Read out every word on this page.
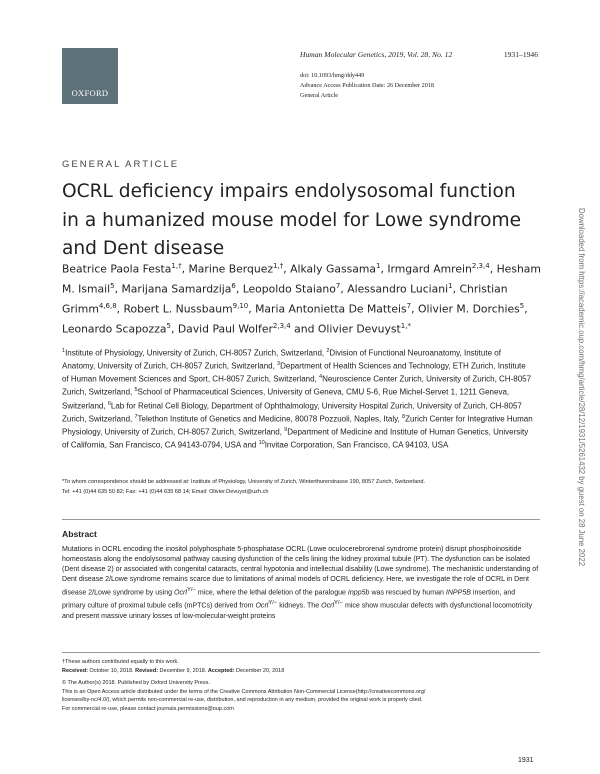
OXFORD
Human Molecular Genetics, 2019, Vol. 28, No. 12	1931–1946
doi: 10.1093/hmg/ddy449
Advance Access Publication Date: 26 December 2018
General Article
GENERAL ARTICLE
OCRL deficiency impairs endolysosomal function in a humanized mouse model for Lowe syndrome and Dent disease
Beatrice Paola Festa$^{1,\dagger}$, Marine Berquez$^{1,\dagger}$, Alkaly Gassama$^1$, Irmgard Amrein$^{2,3,4}$, Hesham M. Ismail$^5$, Marijana Samardzija$^6$, Leopoldo Staiano$^7$, Alessandro Luciani$^1$, Christian Grimm$^{4,6,8}$, Robert L. Nussbaum$^{9,10}$, Maria Antonietta De Matteis$^7$, Olivier M. Dorchies$^5$, Leonardo Scapozza$^5$, David Paul Wolfer$^{2,3,4}$ and Olivier Devuyst$^{1,*}$
$^1$Institute of Physiology, University of Zurich, CH-8057 Zurich, Switzerland, $^2$Division of Functional Neuroanatomy, Institute of Anatomy, University of Zurich, CH-8057 Zurich, Switzerland, $^3$Department of Health Sciences and Technology, ETH Zurich, Institute of Human Movement Sciences and Sport, CH-8057 Zurich, Switzerland, $^4$Neuroscience Center Zurich, University of Zurich, CH-8057 Zurich, Switzerland, $^5$School of Pharmaceutical Sciences, University of Geneva, CMU 5-6, Rue Michel-Servet 1, 1211 Geneva, Switzerland, $^6$Lab for Retinal Cell Biology, Department of Ophthalmology, University Hospital Zurich, University of Zurich, CH-8057 Zurich, Switzerland, $^7$Telethon Institute of Genetics and Medicine, 80078 Pozzuoli, Naples, Italy, $^8$Zurich Center for Integrative Human Physiology, University of Zurich, CH-8057 Zurich, Switzerland, $^9$Department of Medicine and Institute of Human Genetics, University of California, San Francisco, CA 94143-0794, USA and $^{10}$Invitae Corporation, San Francisco, CA 94103, USA
*To whom correspondence should be addressed at: Institute of Physiology, University of Zurich, Winterthurerstrasse 190, 8057 Zurich, Switzerland.
Tel: +41 (0)44 635 50 82; Fax: +41 (0)44 635 68 14; Email: Olivier.Devuyst@uzh.ch
Abstract
Mutations in OCRL encoding the inositol polyphosphate 5-phosphatase OCRL (Lowe oculocerebrorenal syndrome protein) disrupt phosphoinositide homeostasis along the endolysosomal pathway causing dysfunction of the cells lining the kidney proximal tubule (PT). The dysfunction can be isolated (Dent disease 2) or associated with congenital cataracts, central hypotonia and intellectual disability (Lowe syndrome). The mechanistic understanding of Dent disease 2/Lowe syndrome remains scarce due to limitations of animal models of OCRL deficiency. Here, we investigate the role of OCRL in Dent disease 2/Lowe syndrome by using Ocrl$^{Y/-}$ mice, where the lethal deletion of the paralogue Inpp5b was rescued by human INPP5B insertion, and primary culture of proximal tubule cells (mPTCs) derived from Ocrl$^{Y/-}$ kidneys. The Ocrl$^{Y/-}$ mice show muscular defects with dysfunctional locomotricity and present massive urinary losses of low-molecular-weight proteins
†These authors contributed equally to this work.
Received: October 10, 2018. Revised: December 9, 2018. Accepted: December 20, 2018
© The Author(s) 2018. Published by Oxford University Press.
This is an Open Access article distributed under the terms of the Creative Commons Attribution Non-Commercial License(http://creativecommons.org/
licenses/by-nc/4.0/), which permits non-commercial re-use, distribution, and reproduction in any medium, provided the original work is properly cited.
For commercial re-use, please contact journals.permissions@oup.com
1931
Downloaded from https://academic.oup.com/hmg/article/28/12/1931/5261432 by guest on 28 June 2022
